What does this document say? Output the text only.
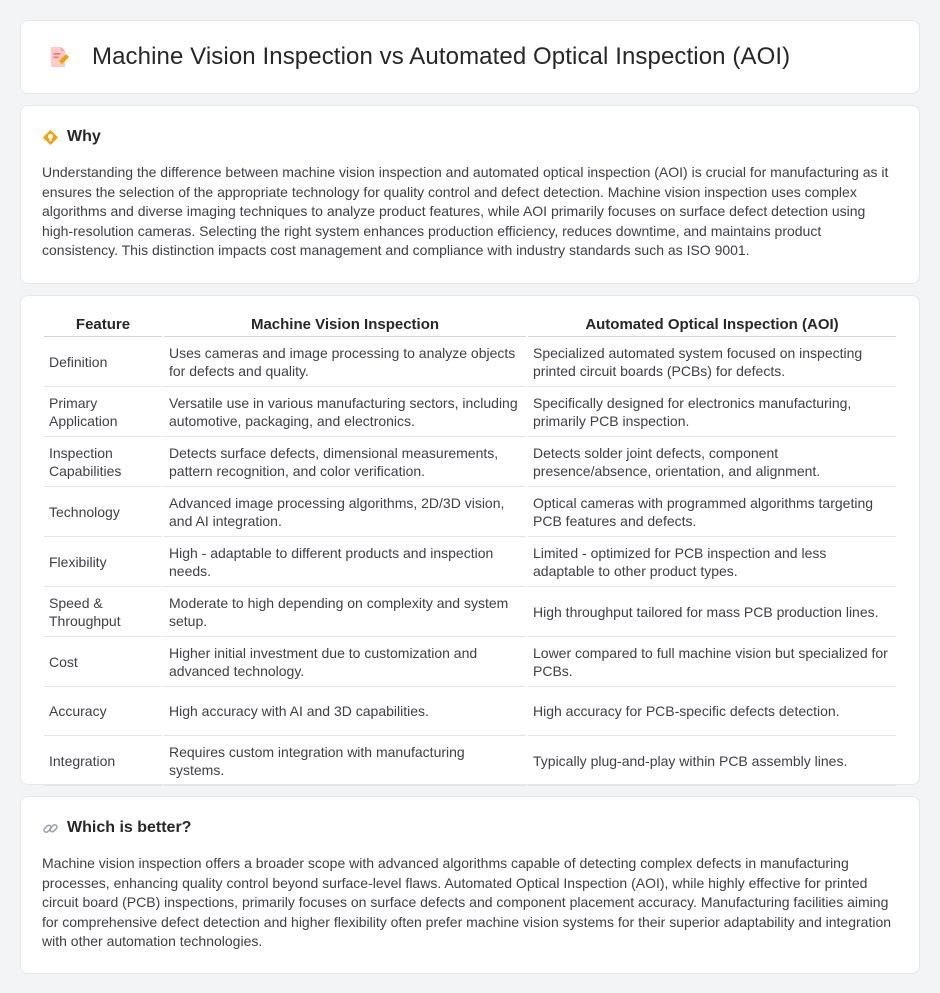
Machine Vision Inspection vs Automated Optical Inspection (AOI)
Why

Understanding the difference between machine vision inspection and automated optical inspection (AOI) is crucial for manufacturing as it ensures the selection of the appropriate technology for quality control and defect detection. Machine vision inspection uses complex algorithms and diverse imaging techniques to analyze product features, while AOI primarily focuses on surface defect detection using high-resolution cameras. Selecting the right system enhances production efficiency, reduces downtime, and maintains product consistency. This distinction impacts cost management and compliance with industry standards such as ISO 9001.

Feature	Machine Vision Inspection	Automated Optical Inspection (AOI)
Definition	Uses cameras and image processing to analyze objects for defects and quality.	Specialized automated system focused on inspecting printed circuit boards (PCBs) for defects.
Primary Application	Versatile use in various manufacturing sectors, including automotive, packaging, and electronics.	Specifically designed for electronics manufacturing, primarily PCB inspection.
Inspection Capabilities	Detects surface defects, dimensional measurements, pattern recognition, and color verification.	Detects solder joint defects, component presence/absence, orientation, and alignment.
Technology	Advanced image processing algorithms, 2D/3D vision, and AI integration.	Optical cameras with programmed algorithms targeting PCB features and defects.
Flexibility	High - adaptable to different products and inspection needs.	Limited - optimized for PCB inspection and less adaptable to other product types.
Speed & Throughput	Moderate to high depending on complexity and system setup.	High throughput tailored for mass PCB production lines.
Cost	Higher initial investment due to customization and advanced technology.	Lower compared to full machine vision but specialized for PCBs.
Accuracy	High accuracy with AI and 3D capabilities.	High accuracy for PCB-specific defects detection.
Integration	Requires custom integration with manufacturing systems.	Typically plug-and-play within PCB assembly lines.
Which is better?

Machine vision inspection offers a broader scope with advanced algorithms capable of detecting complex defects in manufacturing processes, enhancing quality control beyond surface-level flaws. Automated Optical Inspection (AOI), while highly effective for printed circuit board (PCB) inspections, primarily focuses on surface defects and component placement accuracy. Manufacturing facilities aiming for comprehensive defect detection and higher flexibility often prefer machine vision systems for their superior adaptability and integration with other automation technologies.
